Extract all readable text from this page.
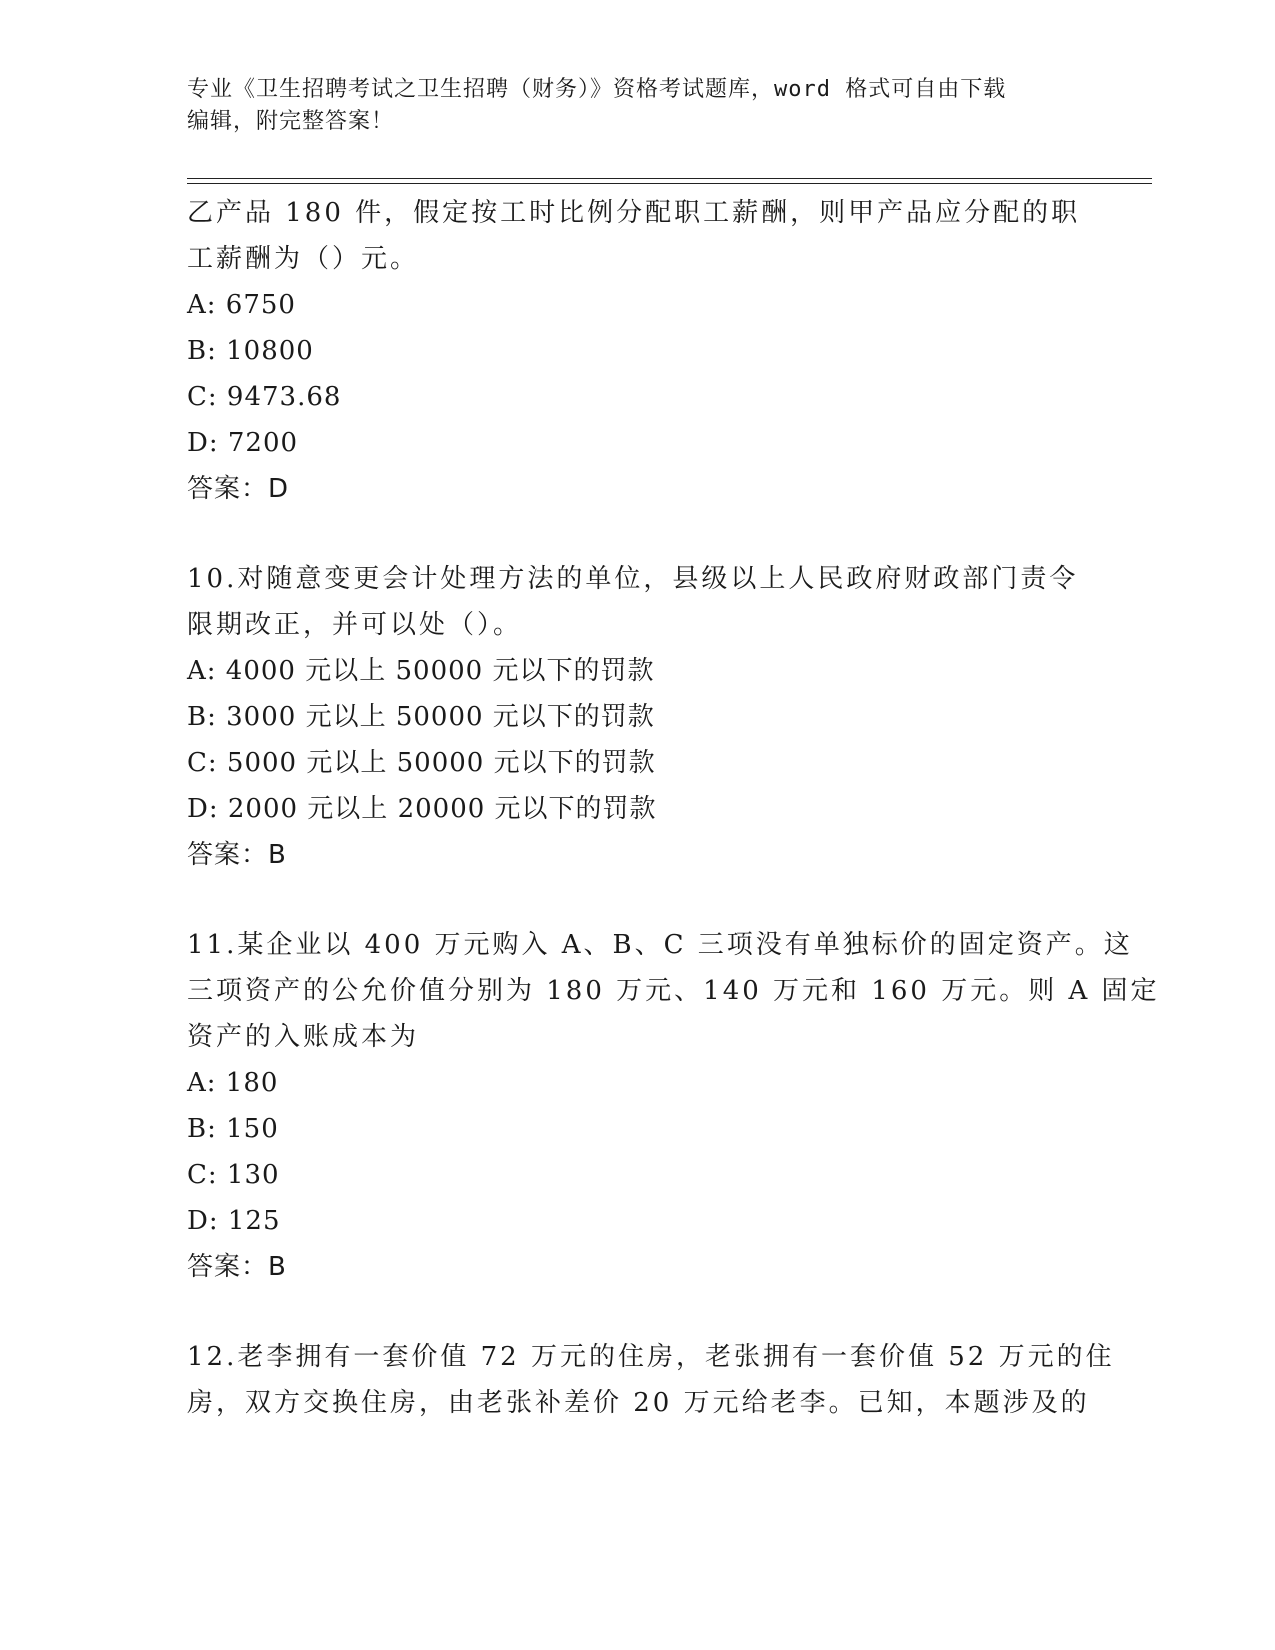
专业《卫生招聘考试之卫生招聘（财务）》资格考试题库，word 格式可自由下载
编辑，附完整答案！
乙产品 180 件，假定按工时比例分配职工薪酬，则甲产品应分配的职
工薪酬为（）元。
A: 6750
B: 10800
C: 9473.68
D: 7200
答案：D
10.对随意变更会计处理方法的单位，县级以上人民政府财政部门责令
限期改正，并可以处（）。
A: 4000 元以上 50000 元以下的罚款
B: 3000 元以上 50000 元以下的罚款
C: 5000 元以上 50000 元以下的罚款
D: 2000 元以上 20000 元以下的罚款
答案：B
11.某企业以 400 万元购入 A、B、C 三项没有单独标价的固定资产。这
三项资产的公允价值分别为 180 万元、140 万元和 160 万元。则 A 固定
资产的入账成本为
A: 180
B: 150
C: 130
D: 125
答案：B
12.老李拥有一套价值 72 万元的住房，老张拥有一套价值 52 万元的住
房，双方交换住房，由老张补差价 20 万元给老李。已知，本题涉及的
